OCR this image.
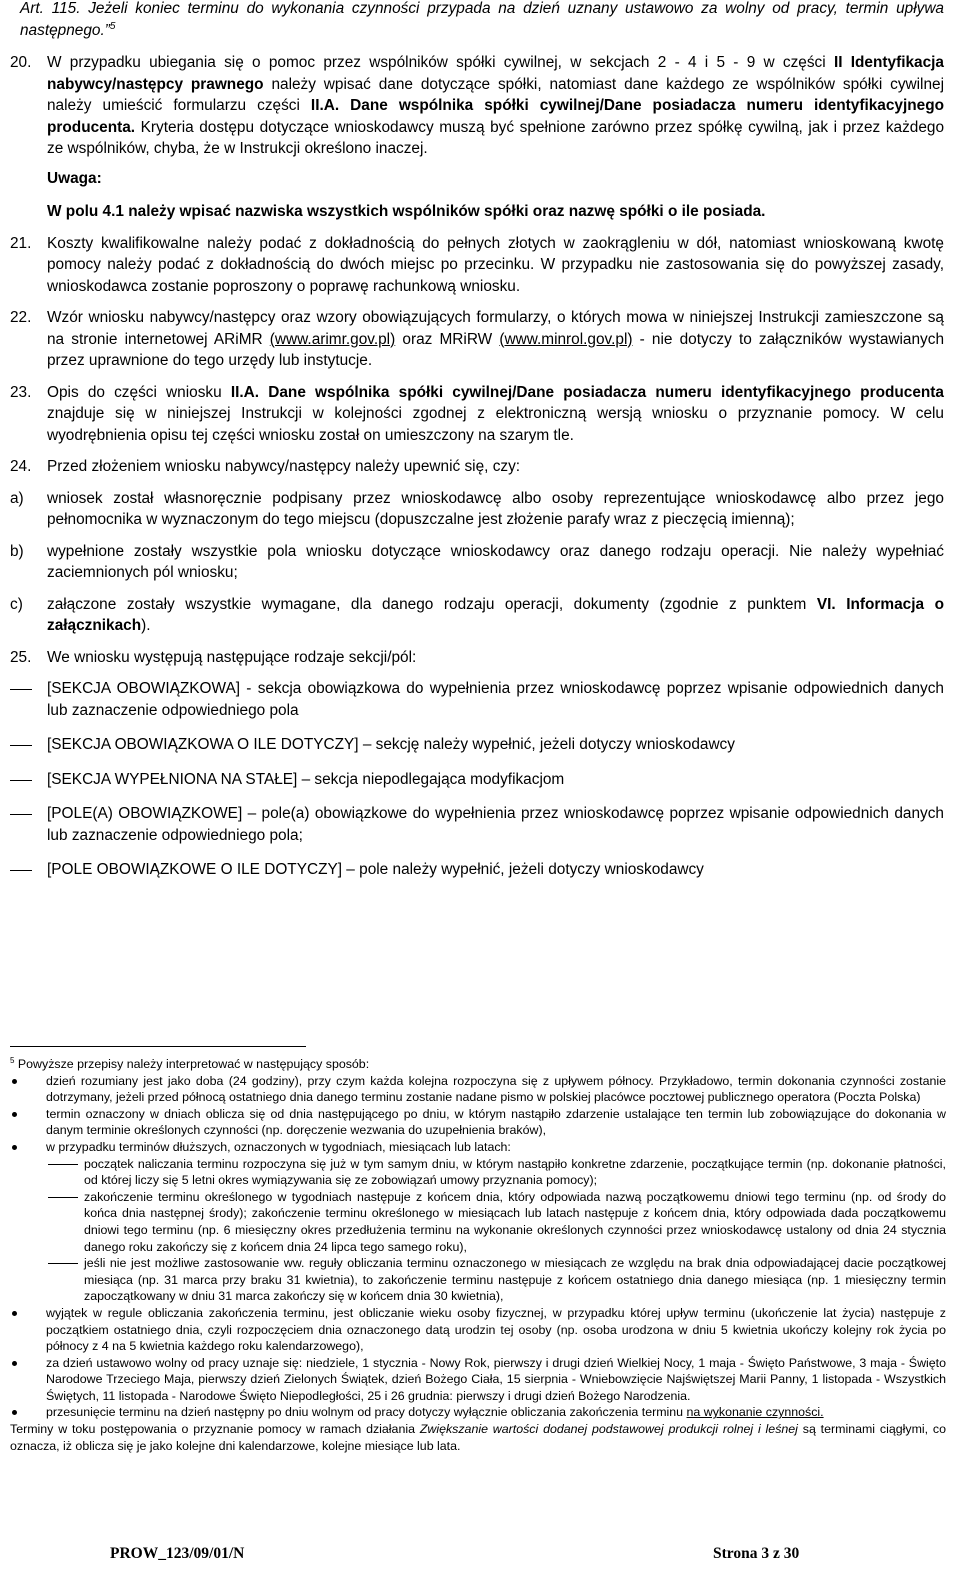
Art. 115. Jeżeli koniec terminu do wykonania czynności przypada na dzień uznany ustawowo za wolny od pracy, termin upływa następnego.”$^5$
20.	W przypadku ubiegania się o pomoc przez wspólników spółki cywilnej, w sekcjach 2 - 4 i 5 - 9 w części II Identyfikacja nabywcy/następcy prawnego należy wpisać dane dotyczące spółki, natomiast dane każdego ze wspólników spółki cywilnej należy umieścić formularzu części II.A. Dane wspólnika spółki cywilnej/Dane posiadacza numeru identyfikacyjnego producenta. Kryteria dostępu dotyczące wnioskodawcy muszą być spełnione zarówno przez spółkę cywilną, jak i przez każdego ze wspólników, chyba, że w Instrukcji określono inaczej.
Uwaga:
W polu 4.1 należy wpisać nazwiska wszystkich wspólników spółki oraz nazwę spółki o ile posiada.
21.	Koszty kwalifikowalne należy podać z dokładnością do pełnych złotych w zaokrągleniu w dół, natomiast wnioskowaną kwotę pomocy należy podać z dokładnością do dwóch miejsc po przecinku. W przypadku nie zastosowania się do powyższej zasady, wnioskodawca zostanie poproszony o poprawę rachunkową wniosku.
22.	Wzór wniosku nabywcy/następcy oraz wzory obowiązujących formularzy, o których mowa w niniejszej Instrukcji zamieszczone są na stronie internetowej ARiMR (www.arimr.gov.pl) oraz MRiRW (www.minrol.gov.pl) - nie dotyczy to załączników wystawianych przez uprawnione do tego urzędy lub instytucje.
23.	Opis do części wniosku II.A. Dane wspólnika spółki cywilnej/Dane posiadacza numeru identyfikacyjnego producenta znajduje się w niniejszej Instrukcji w kolejności zgodnej z elektroniczną wersją wniosku o przyznanie pomocy. W celu wyodrębnienia opisu tej części wniosku został on umieszczony na szarym tle.
24.	Przed złożeniem wniosku nabywcy/następcy należy upewnić się, czy:
a)	wniosek został własnoręcznie podpisany przez wnioskodawcę albo osoby reprezentujące wnioskodawcę albo przez jego pełnomocnika w wyznaczonym do tego miejscu (dopuszczalne jest złożenie parafy wraz z pieczęcią imienną);
b)	wypełnione zostały wszystkie pola wniosku dotyczące wnioskodawcy oraz danego rodzaju operacji. Nie należy wypełniać zaciemnionych pól wniosku;
c)	załączone zostały wszystkie wymagane, dla danego rodzaju operacji, dokumenty (zgodnie z punktem VI. Informacja o załącznikach).
25.	We wniosku występują następujące rodzaje sekcji/pól:
[SEKCJA OBOWIĄZKOWA] - sekcja obowiązkowa do wypełnienia przez wnioskodawcę poprzez wpisanie odpowiednich danych lub zaznaczenie odpowiedniego pola
[SEKCJA OBOWIĄZKOWA O ILE DOTYCZY] – sekcję należy wypełnić, jeżeli dotyczy wnioskodawcy
[SEKCJA WYPEŁNIONA NA STAŁE] – sekcja niepodlegająca modyfikacjom
[POLE(A) OBOWIĄZKOWE] – pole(a) obowiązkowe do wypełnienia przez wnioskodawcę poprzez wpisanie odpowiednich danych lub zaznaczenie odpowiedniego pola;
[POLE OBOWIĄZKOWE O ILE DOTYCZY] – pole należy wypełnić, jeżeli dotyczy wnioskodawcy
$^5$ Powyższe przepisy należy interpretować w następujący sposób:
dzień rozumiany jest jako doba (24 godziny), przy czym każda kolejna rozpoczyna się z upływem północy. Przykładowo, termin dokonania czynności zostanie dotrzymany, jeżeli przed północą ostatniego dnia danego terminu zostanie nadane pismo w polskiej placówce pocztowej publicznego operatora (Poczta Polska)
termin oznaczony w dniach oblicza się od dnia następującego po dniu, w którym nastąpiło zdarzenie ustalające ten termin lub zobowiązujące do dokonania w danym terminie określonych czynności (np. doręczenie wezwania do uzupełnienia braków),
w przypadku terminów dłuższych, oznaczonych w tygodniach, miesiącach lub latach:
początek naliczania terminu rozpoczyna się już w tym samym dniu, w którym nastąpiło konkretne zdarzenie, początkujące termin (np. dokonanie płatności, od której liczy się 5 letni okres wymiązywania się ze zobowiązań umowy przyznania pomocy);
zakończenie terminu określonego w tygodniach następuje z końcem dnia, który odpowiada nazwą początkowemu dniowi tego terminu (np. od środy do końca dnia następnej środy); zakończenie terminu określonego w miesiącach lub latach następuje z końcem dnia, który odpowiada dada początkowemu dniowi tego terminu (np. 6 miesięczny okres przedłużenia terminu na wykonanie określonych czynności przez wnioskodawcę ustalony od dnia 24 stycznia danego roku zakończy się z końcem dnia 24 lipca tego samego roku),
jeśli nie jest możliwe zastosowanie ww. reguły obliczania terminu oznaczonego w miesiącach ze względu na brak dnia odpowiadającej dacie początkowej miesiąca (np. 31 marca przy braku 31 kwietnia), to zakończenie terminu następuje z końcem ostatniego dnia danego miesiąca (np. 1 miesięczny termin zapoczątkowany w dniu 31 marca zakończy się w końcem dnia 30 kwietnia),
wyjątek w regule obliczania zakończenia terminu, jest obliczanie wieku osoby fizycznej, w przypadku której upływ terminu (ukończenie lat życia) następuje z początkiem ostatniego dnia, czyli rozpoczęciem dnia oznaczonego datą urodzin tej osoby (np. osoba urodzona w dniu 5 kwietnia ukończy kolejny rok życia po północy z 4 na 5 kwietnia każdego roku kalendarzowego),
za dzień ustawowo wolny od pracy uznaje się: niedziele, 1 stycznia - Nowy Rok, pierwszy i drugi dzień Wielkiej Nocy, 1 maja - Święto Państwowe, 3 maja - Święto Narodowe Trzeciego Maja, pierwszy dzień Zielonych Świątek, dzień Bożego Ciała, 15 sierpnia - Wniebowzięcie Najświętszej Marii Panny, 1 listopada - Wszystkich Świętych, 11 listopada - Narodowe Święto Niepodległości, 25 i 26 grudnia: pierwszy i drugi dzień Bożego Narodzenia.
przesunięcie terminu na dzień następny po dniu wolnym od pracy dotyczy wyłącznie obliczania zakończenia terminu na wykonanie czynności.
Terminy w toku postępowania o przyznanie pomocy w ramach działania Zwiększanie wartości dodanej podstawowej produkcji rolnej i leśnej są terminami ciągłymi, co oznacza, iż oblicza się je jako kolejne dni kalendarzowe, kolejne miesiące lub lata.
PROW_123/09/01/N	Strona 3 z 30
